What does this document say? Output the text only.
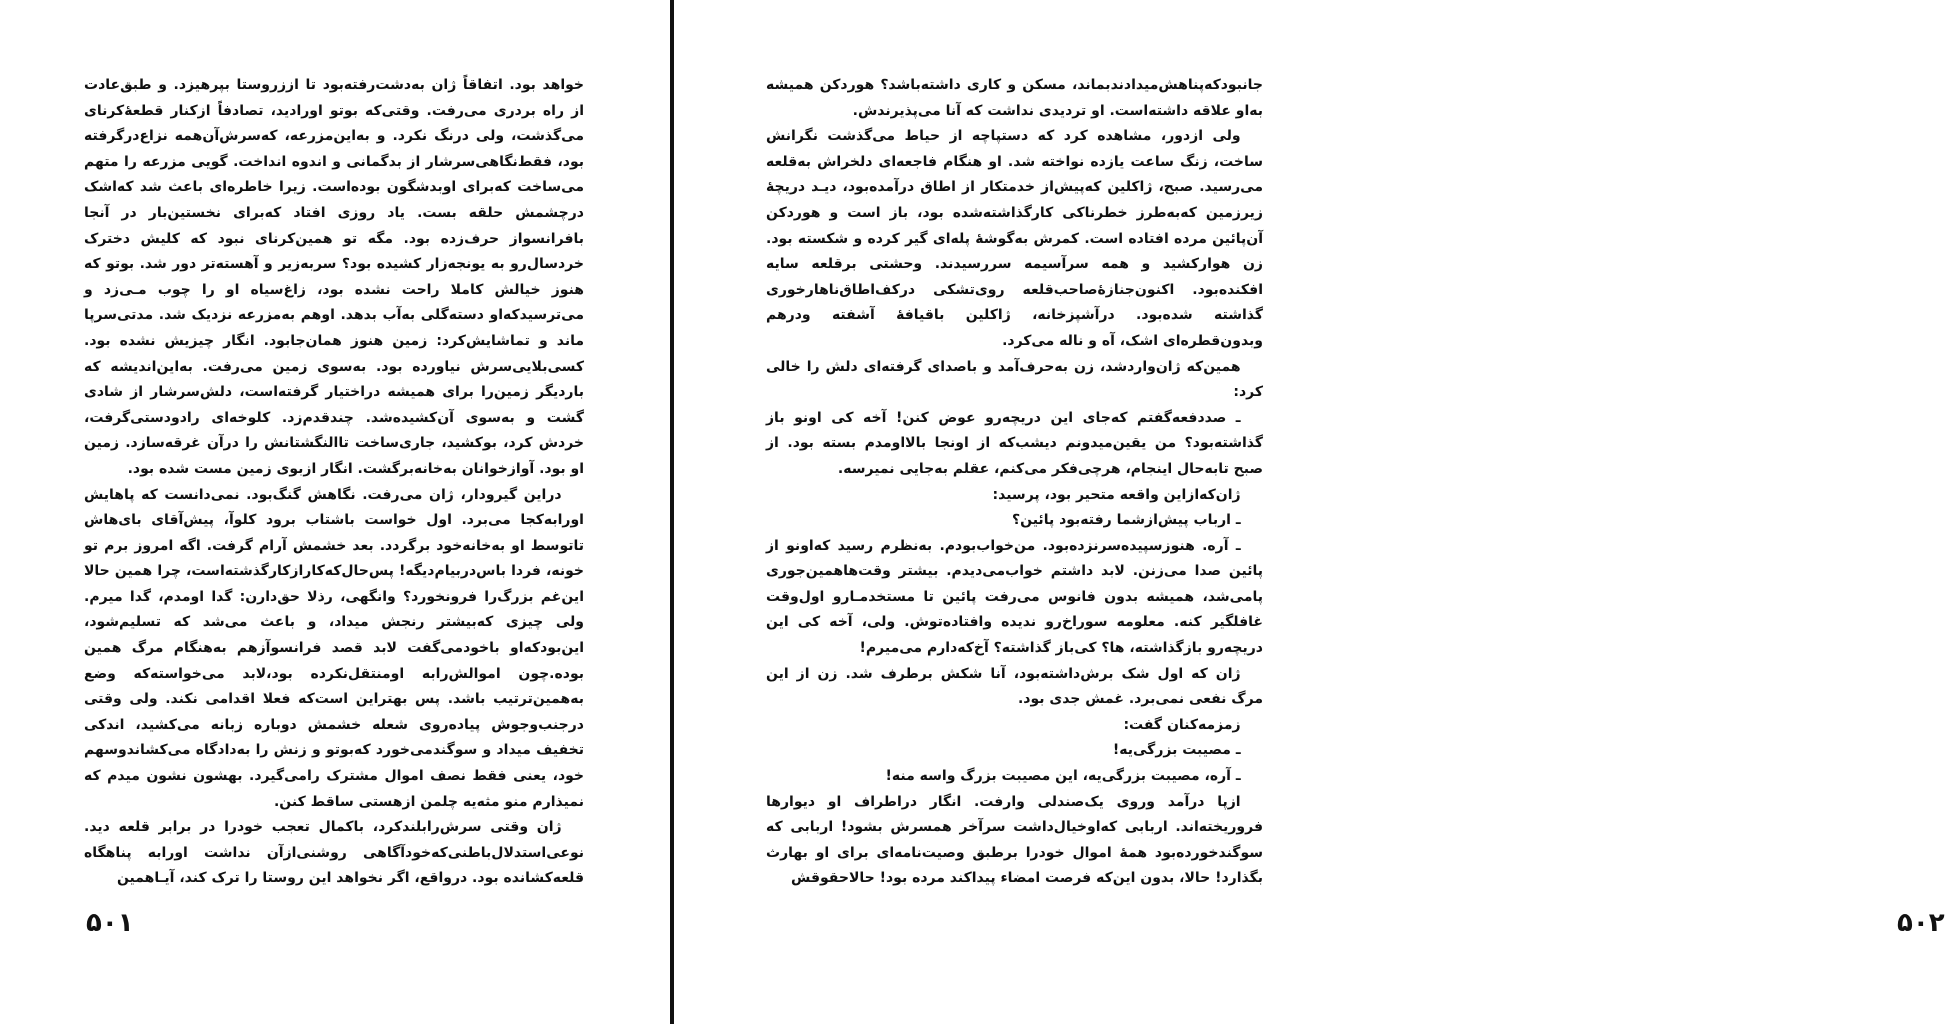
خواهد بود. اتفاقاً ژان به‌دشت‌رفته‌بود تا اززروستا بپرهیزد. و طبق‌عادت از راه بردری می‌رفت. وقتی‌که بوتو اورادید، تصادفاً ازکنار قطعهٔ‌کرنای می‌گذشت، ولی درنگ نکرد. و به‌این‌مزرعه، که‌سرش‌آن‌همه نزاع‌درگرفته بود، فقط‌نگاهی‌سرشار از بدگمانی و اندوه انداخت. گویی مزرعه را متهم می‌ساخت که‌برای اوبدشگون بوده‌است. زیرا خاطره‌ای باعث شد که‌اشک درچشمش حلقه بست. یاد روزی افتاد که‌برای نخستین‌بار در آنجا بافرانسواز حرف‌زده بود. مگه تو همین‌کرنای نبود که کلیش دخترک خردسال‌رو به یونجه‌زار کشیده بود؟ سربه‌زیر و آهسته‌تر دور شد. بوتو که هنوز خیالش کاملا راحت نشده بود، زاغ‌سیاه او را چوب مـی‌زد و می‌ترسیدکه‌او دسته‌گلی به‌آب بدهد. اوهم به‌مزرعه نزدیک شد. مدتی‌سرپا ماند و تماشایش‌کرد: زمین هنوز همان‌جابود. انگار چیزیش نشده بود. کسی‌بلایی‌سرش نیاورده بود. به‌سوی زمین می‌رفت. به‌این‌اندیشه که باردیگر زمین‌را برای همیشه دراختیار گرفته‌است، دلش‌سرشار از شادی گشت و به‌سوی آن‌کشیده‌شد. چندقدم‌زد. کلوخه‌ای رادودستی‌گرفت، خردش کرد، بوکشید، جاری‌ساخت تاالنگشتانش را درآن غرقه‌سازد. زمین او بود. آوازخوانان به‌خانه‌برگشت. انگار ازبوی زمین مست شده بود.

دراین گیرودار، ژان می‌رفت. نگاهش گنگ‌بود. نمی‌دانست که پاهایش اورابه‌کجا می‌برد. اول خواست باشتاب برود کلوآ، پیش‌آقای بای‌هاش تاتوسط او به‌خانه‌خود برگردد. بعد خشمش آرام گرفت. اگه امروز برم تو خونه، فردا باس‌دربیام‌دیگه! پس‌حال‌که‌کارازکارگذشته‌است، چرا همین حالا این‌غم بزرگ‌را فرونخورد؟ وانگهی، رذلا حق‌دارن: گدا اومدم، گدا میرم. ولی چیزی که‌بیشتر رنجش میداد، و باعث می‌شد که تسلیم‌شود، این‌بودکه‌او باخودمی‌گفت لابد قصد فرانسوآزهم به‌هنگام مرگ همین بوده.چون اموالش‌را‌به اومنتقل‌نکرده بود،لابد می‌خواسته‌که وضع به‌همین‌ترتیب باشد. پس بهتراین است‌که فعلا اقدامی نکند. ولی وقتی درجنب‌وجوش پیاده‌روی شعله خشمش دوباره زبانه می‌کشید، اندکی تخفیف میداد و سوگندمی‌خورد که‌بوتو و زنش را به‌دادگاه می‌کشاندوسهم خود، یعنی فقط نصف اموال مشترک رامی‌گیرد. بهشون نشون میدم که نمیذارم منو مثه‌یه چلمن ازهستی ساقط کنن.

ژان وقتی سرش‌رابلندکرد، باکمال تعجب خودرا در برابر قلعه دید. نوعی‌استدلال‌باطنی‌که‌خودآگاهی روشنی‌ازآن نداشت اورابه پناهگاه قلعه‌کشانده بود. درواقع، اگر نخواهد این روستا را ترک کند، آیـاهمین

۵۰۱

جانبودکه‌پناهش‌میدادندبماند، مسکن و کاری داشته‌باشد؟ هوردکن همیشه به‌او علاقه داشته‌است. او تردیدی نداشت که آنا می‌پذیرندش.

ولی ازدور، مشاهده‌ کرد که دستپاچه از حیاط می‌گذشت نگرانش ساخت، زنگ ساعت یازده نواخته شد. او هنگام فاجعه‌ای دلخراش به‌قلعه می‌رسید. صبح، ژاکلین که‌پیش‌از خدمتکار از اطاق درآمده‌بود، دیـد دریچهٔ زیرزمین که‌به‌طرز خطرناکی کارگذاشته‌شده بود، باز است و هوردکن آن‌پائین مرده افتاده است. کمرش به‌گوشهٔ پله‌ای گیر کرده و شکسته بود. زن هوارکشید و همه سرآسیمه سررسیدند. وحشتی بر‌قلعه سایه افکنده‌بود. اکنون‌جنازهٔ‌صاحب‌قلعه روی‌تشکی درکف‌اطاق‌ناهارخوری گذاشته شده‌بود. درآشپزخانه، ژاکلین باقیافهٔ آشفته ودرهم وبدون‌قطره‌ای اشک، آه و ناله می‌کرد.

همین‌که ژان‌واردشد، زن به‌حرف‌آمد و باصدای گرفته‌ای دلش را خالی کرد:

ـ صددفعه‌گفتم که‌جای این دریچه‌رو عوض کنن! آخه کی اونو باز گذاشته‌بود؟ من یقین‌میدونم دیشب‌که از اونجا بالااومدم بسته بود. از صبح تابه‌حال اینجام، هرچی‌فکر می‌کنم، عقلم به‌جایی نمیرسه.

ژان‌که‌ازاین واقعه متحیر بود، پرسید:

ـ ارباب پیش‌ازشما رفته‌بود پائین؟

ـ آره. هنوزسپیده‌سرنزده‌بود. من‌خواب‌بودم. به‌نظرم رسید که‌اونو از پائین صدا می‌زنن. لابد داشتم خواب‌می‌دیدم. بیشتر وقت‌هاهمین‌جوری پامی‌شد، همیشه بدون فانوس می‌رفت پائین تا مستخدمـارو اول‌وقت غافلگیر کنه. معلومه سوراخ‌رو ندیده وافتاده‌توش. ولی، آخه کی این دریچه‌رو بازگذاشته، ها؟ کی‌باز گذاشته؟ آخ‌که‌دارم می‌میرم!

ژان که اول شک برش‌داشته‌بود، آنا شکش برطرف شد. زن از این مرگ نفعی نمی‌برد. غمش جدی بود.

زمزمه‌کنان گفت:

ـ مصیبت بزرگی‌یه!

ـ آره، مصیبت بزرگی‌یه، این مصیبت بزرگ واسه منه!

ازپا درآمد وروی یک‌صندلی وارفت. انگار دراطراف او دیوارها فروریخته‌اند. اربابی که‌اوخیال‌داشت سرآخر همسرش بشود! اربابی که سوگندخورده‌بود همهٔ اموال خودرا برطبق وصیت‌نامه‌ای برای او بهارث بگذارد! حالا، بدون این‌که فرصت امضاء پیداکند مرده بود! حالاحقوقش

۵۰۲
